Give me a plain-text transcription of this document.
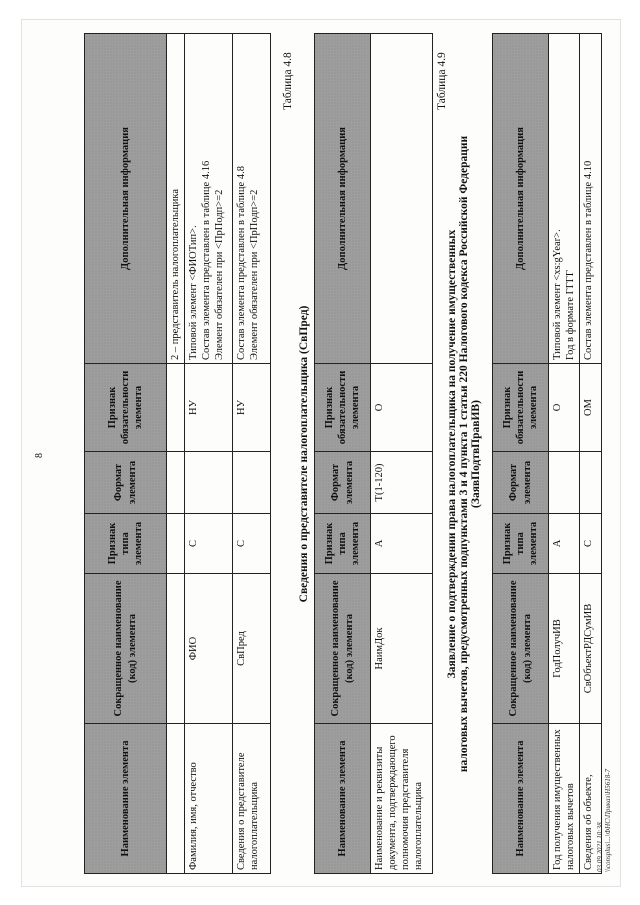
8
Наименование элемента	Сокращенное наименование (код) элемента	Признак типа элемента	Формат элемента	Признак обязательности элемента	Дополнительная информация
					2 – представитель налогоплательщика
Фамилия, имя, отчество	ФИО	С		НУ	Типовой элемент <ФИОТип>. Состав элемента представлен в таблице 4.16 Элемент обязателен при <ПрПодп>=2

Сведения о представителе налогоплательщика	СвПред	С		НУ	Состав элемента представлен в таблице 4.8 Элемент обязателен при <ПрПодп>=2
Таблица 4.8
Сведения о представителе налогоплательщика (СвПред)
Наименование элемента	Сокращенное наименование (код) элемента	Признак типа элемента	Формат элемента	Признак обязательности элемента	Дополнительная информация
Наименование и реквизиты документа, подтверждающего полномочия представителя налогоплательщика	НаимДок	А	T(1-120)	О	
Таблица 4.9
Заявление о подтверждении права налогоплательщика на получение имущественных налоговых вычетов, предусмотренных подпунктами 3 и 4 пункта 1 статьи 220 Налогового кодекса Российской Федерации (ЗаявПодтвПравИВ)
Наименование элемента	Сокращенное наименование (код) элемента	Признак типа элемента	Формат элемента	Признак обязательности элемента	Дополнительная информация
Год получения имущественных налоговых вычетов	ГодПолучИВ	А		О	Типовой элемент <xs:gYear>. Год в формате ГГГГ

Сведения об объекте,	СвОбъектРДСумИВ	С		ОМ	Состав элемента представлен в таблице 4.10
03.09.2021 10:38 \\consplus\...\ФНС\Приказ\Н5618-7
